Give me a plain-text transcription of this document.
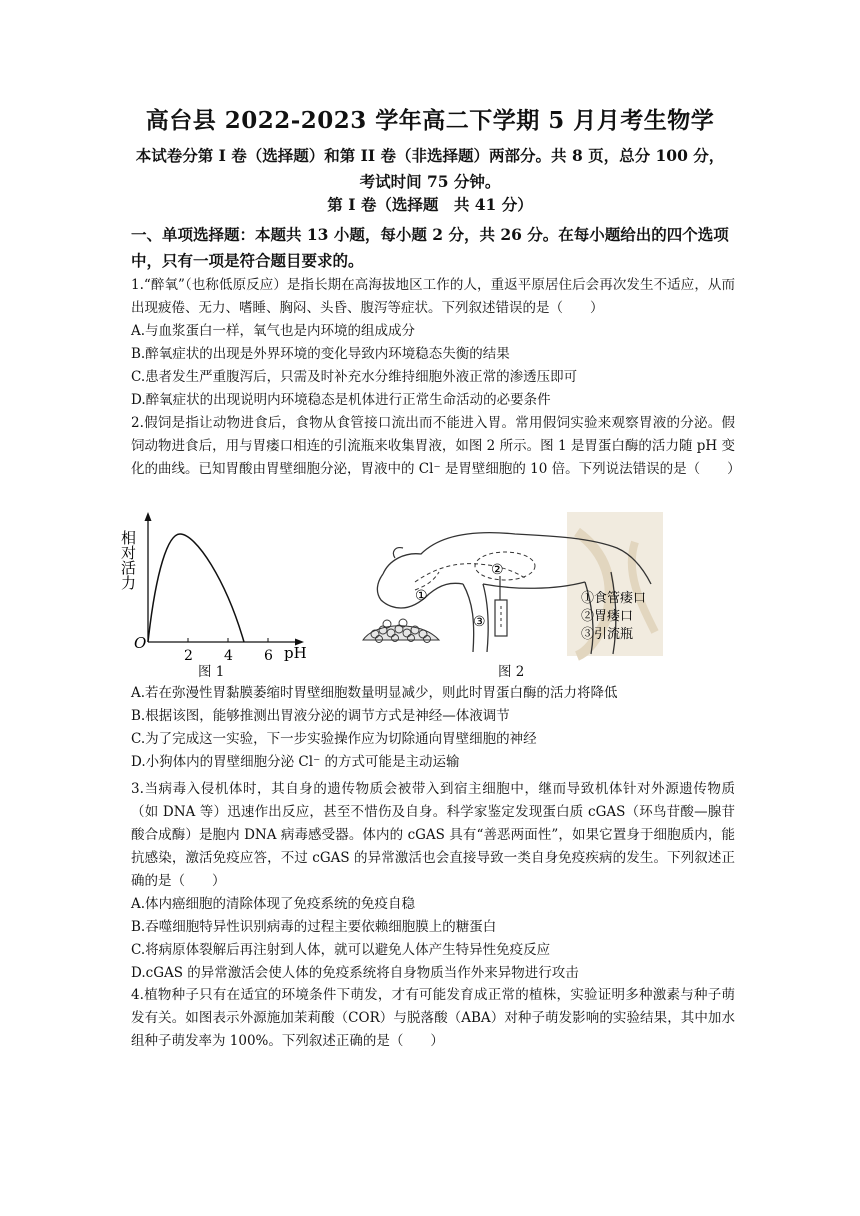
高台县 2022-2023 学年高二下学期 5 月月考生物学
本试卷分第 I 卷（选择题）和第 II 卷（非选择题）两部分。共 8 页，总分 100 分，考试时间 75 分钟。
第 I 卷（选择题　共 41 分）
一、单项选择题：本题共 13 小题，每小题 2 分，共 26 分。在每小题给出的四个选项中，只有一项是符合题目要求的。

1.“醉氧”（也称低原反应）是指长期在高海拔地区工作的人，重返平原居住后会再次发生不适应，从而出现疲倦、无力、嗜睡、胸闷、头昏、腹泻等症状。下列叙述错误的是（　　）

A.与血浆蛋白一样，氧气也是内环境的组成成分

B.醉氧症状的出现是外界环境的变化导致内环境稳态失衡的结果

C.患者发生严重腹泻后，只需及时补充水分维持细胞外液正常的渗透压即可

D.醉氧症状的出现说明内环境稳态是机体进行正常生命活动的必要条件

2.假饲是指让动物进食后，食物从食管接口流出而不能进入胃。常用假饲实验来观察胃液的分泌。假饲动物进食后，用与胃瘘口相连的引流瓶来收集胃液，如图 2 所示。图 1 是胃蛋白酶的活力随 pH 变化的曲线。已知胃酸由胃壁细胞分泌，胃液中的 Cl⁻ 是胃壁细胞的 10 倍。下列说法错误的是（　　）

O
2 4 6 pH
相对活力
图 1
①
②
③
①食管瘘口
②胃瘘口
③引流瓶
图 2

A.若在弥漫性胃黏膜萎缩时胃壁细胞数量明显减少，则此时胃蛋白酶的活力将降低

B.根据该图，能够推测出胃液分泌的调节方式是神经—体液调节

C.为了完成这一实验，下一步实验操作应为切除通向胃壁细胞的神经

D.小狗体内的胃壁细胞分泌 Cl⁻ 的方式可能是主动运输

3.当病毒入侵机体时，其自身的遗传物质会被带入到宿主细胞中，继而导致机体针对外源遗传物质（如 DNA 等）迅速作出反应，甚至不惜伤及自身。科学家鉴定发现蛋白质 cGAS（环鸟苷酸—腺苷酸合成酶）是胞内 DNA 病毒感受器。体内的 cGAS 具有“善恶两面性”，如果它置身于细胞质内，能抗感染，激活免疫应答，不过 cGAS 的异常激活也会直接导致一类自身免疫疾病的发生。下列叙述正确的是（　　）

A.体内癌细胞的清除体现了免疫系统的免疫自稳

B.吞噬细胞特异性识别病毒的过程主要依赖细胞膜上的糖蛋白

C.将病原体裂解后再注射到人体，就可以避免人体产生特异性免疫反应

D.cGAS 的异常激活会使人体的免疫系统将自身物质当作外来异物进行攻击

4.植物种子只有在适宜的环境条件下萌发，才有可能发育成正常的植株，实验证明多种激素与种子萌发有关。如图表示外源施加茉莉酸（COR）与脱落酸（ABA）对种子萌发影响的实验结果，其中加水组种子萌发率为 100%。下列叙述正确的是（　　）
